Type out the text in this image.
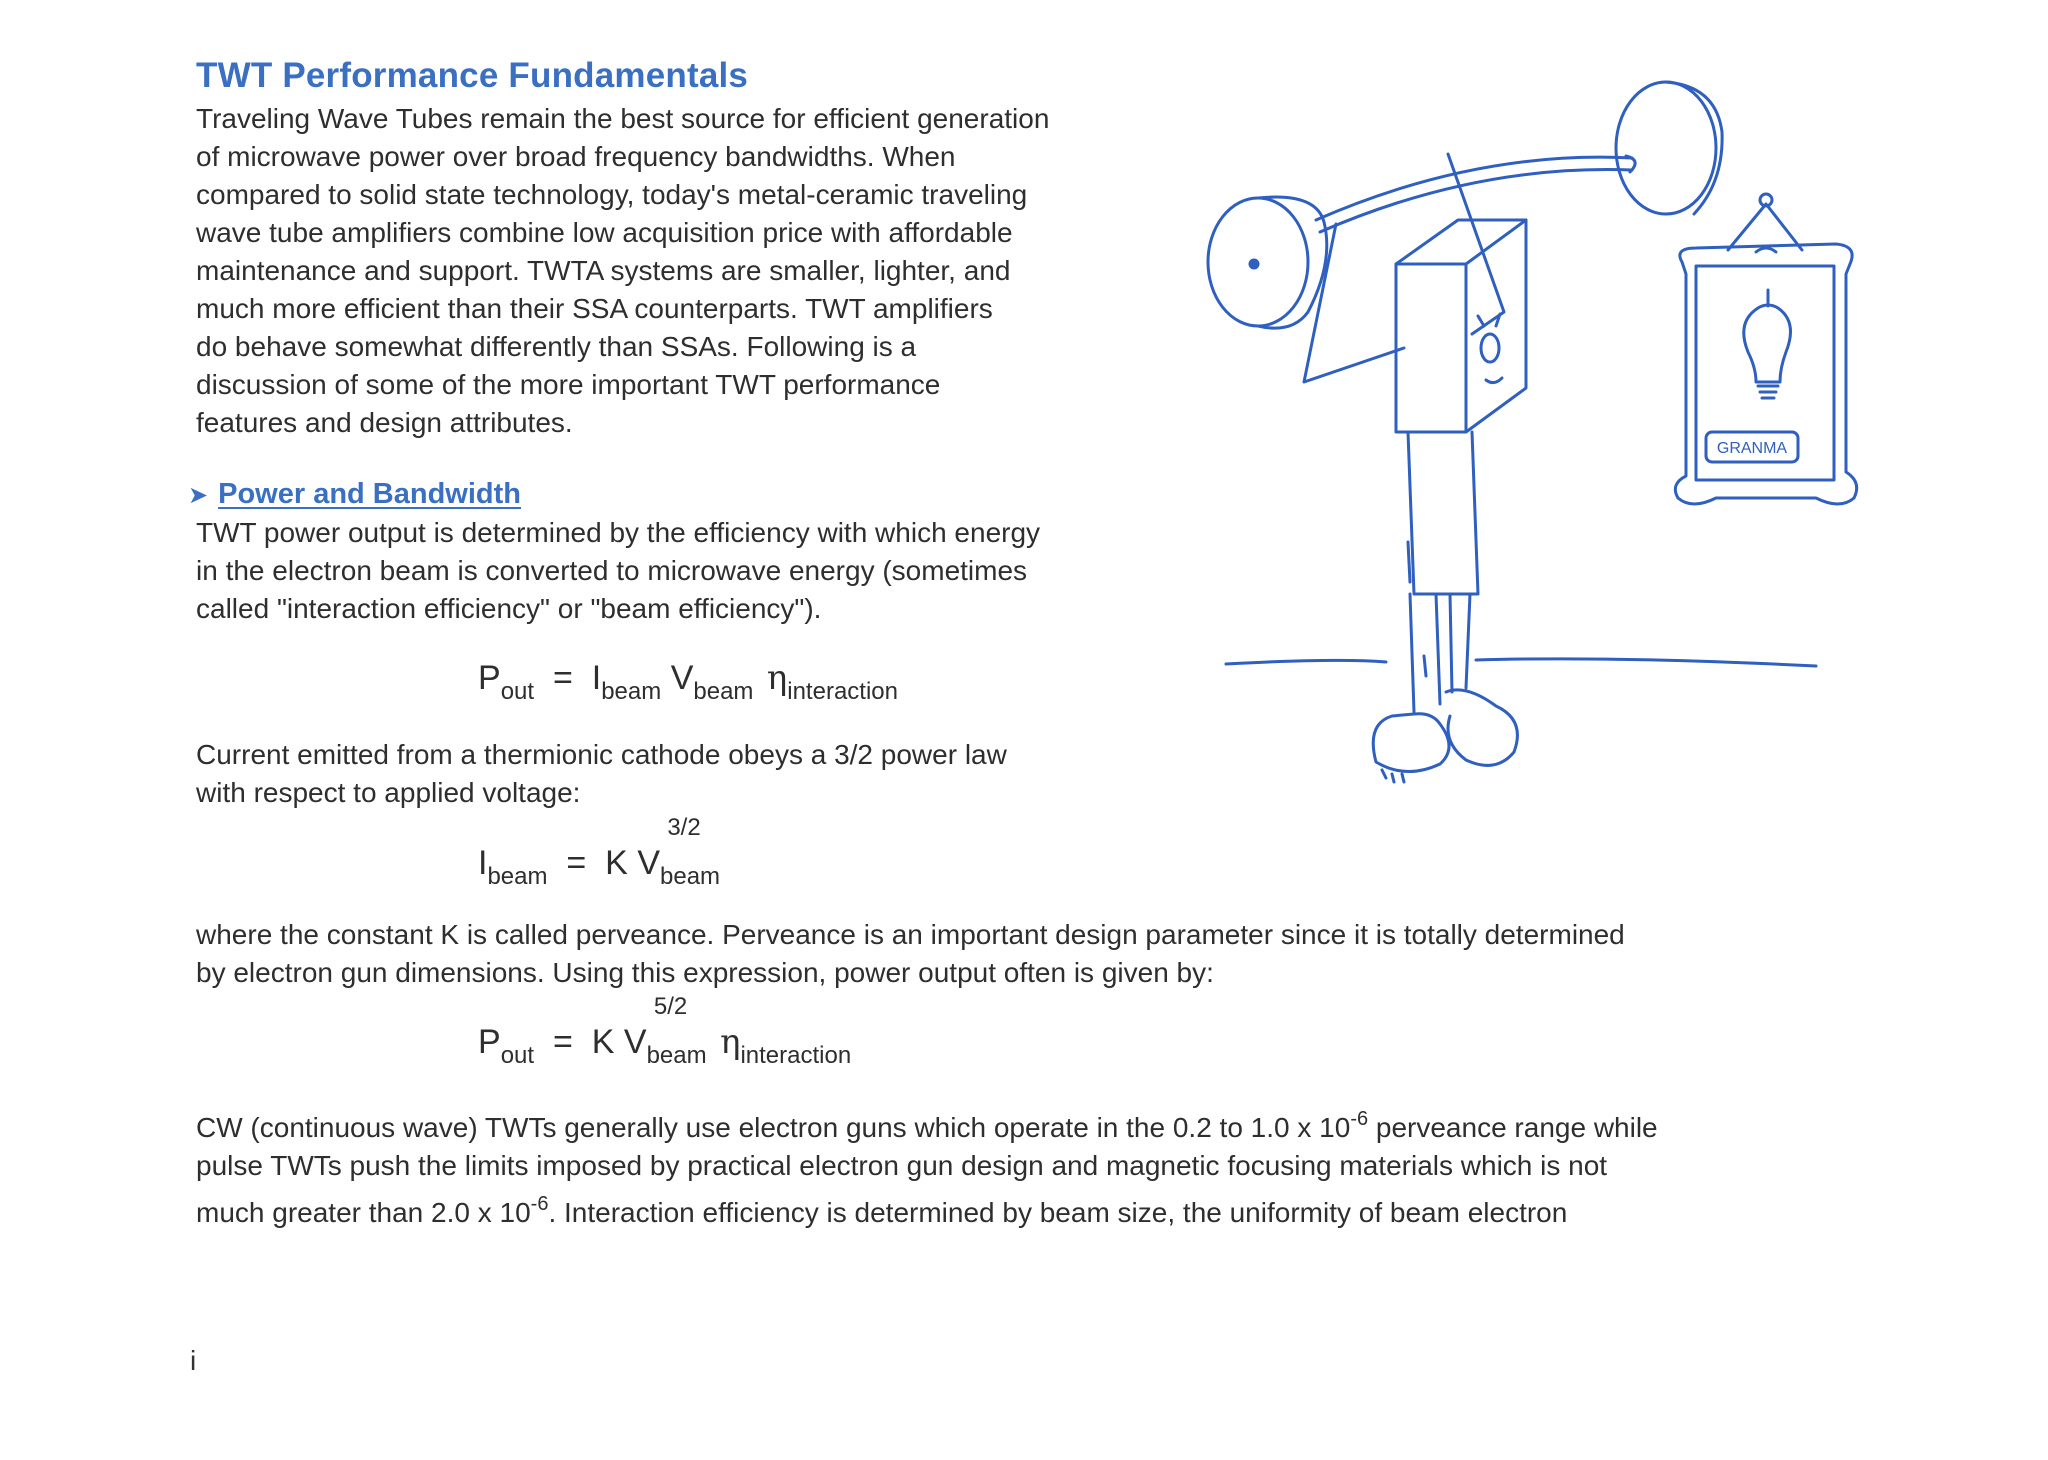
TWT Performance Fundamentals

Traveling Wave Tubes remain the best source for efficient generation
of microwave power over broad frequency bandwidths. When
compared to solid state technology, today's metal-ceramic traveling
wave tube amplifiers combine low acquisition price with affordable
maintenance and support. TWTA systems are smaller, lighter, and
much more efficient than their SSA counterparts. TWT amplifiers
do behave somewhat differently than SSAs. Following is a
discussion of some of the more important TWT performance
features and design attributes.

➤ Power and Bandwidth

TWT power output is determined by the efficiency with which energy
in the electron beam is converted to microwave energy (sometimes
called "interaction efficiency" or "beam efficiency").

$P_{out} = I_{beam}$ $V_{beam}$ $\eta_{interaction}$

Current emitted from a thermionic cathode obeys a 3/2 power law
with respect to applied voltage:

$I_{beam} = K$ V
3/2
$_{beam}$

where the constant K is called perveance. Perveance is an important design parameter since it is totally determined
by electron gun dimensions. Using this expression, power output often is given by:

$P_{out} = K$ V
5/2
$_{beam}$ $\eta_{interaction}$

CW (continuous wave) TWTs generally use electron guns which operate in the 0.2 to 1.0 x $10^{-6}$ perveance range while
pulse TWTs push the limits imposed by practical electron gun design and magnetic focusing materials which is not
much greater than 2.0 x $10^{-6}$. Interaction efficiency is determined by beam size, the uniformity of beam electron

GRANMA
i
